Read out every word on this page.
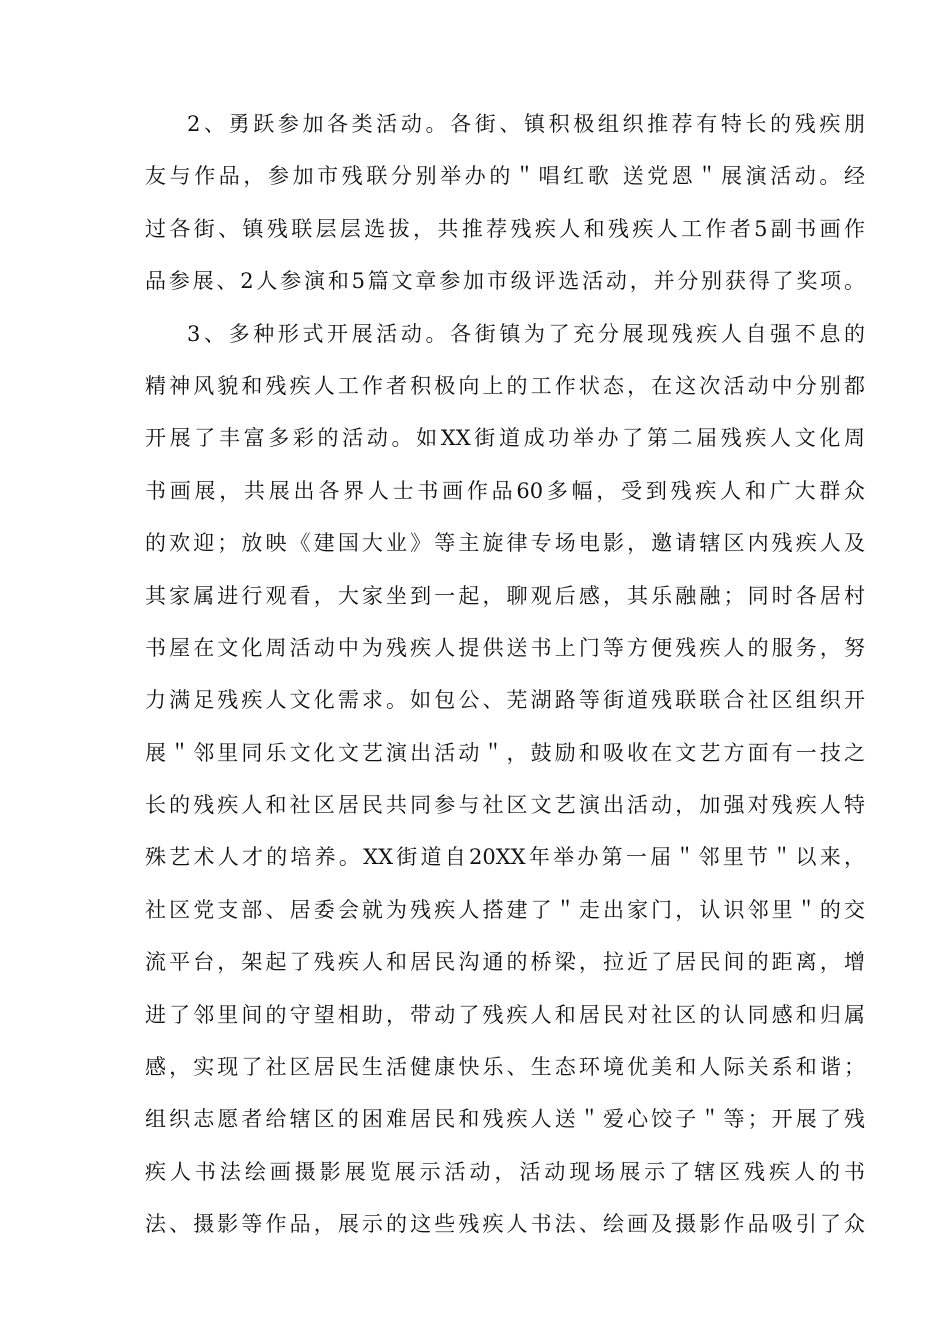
2、勇跃参加各类活动。各街、镇积极组织推荐有特长的残疾朋
友与作品，参加市残联分别举办的＂唱红歌 送党恩＂展演活动。经
过各街、镇残联层层选拔，共推荐残疾人和残疾人工作者5副书画作
品参展、2人参演和5篇文章参加市级评选活动，并分别获得了奖项。
3、多种形式开展活动。各街镇为了充分展现残疾人自强不息的
精神风貌和残疾人工作者积极向上的工作状态，在这次活动中分别都
开展了丰富多彩的活动。如XX街道成功举办了第二届残疾人文化周
书画展，共展出各界人士书画作品60多幅，受到残疾人和广大群众
的欢迎；放映《建国大业》等主旋律专场电影，邀请辖区内残疾人及
其家属进行观看，大家坐到一起，聊观后感，其乐融融；同时各居村
书屋在文化周活动中为残疾人提供送书上门等方便残疾人的服务，努
力满足残疾人文化需求。如包公、芜湖路等街道残联联合社区组织开
展＂邻里同乐文化文艺演出活动＂，鼓励和吸收在文艺方面有一技之
长的残疾人和社区居民共同参与社区文艺演出活动，加强对残疾人特
殊艺术人才的培养。XX街道自20XX年举办第一届＂邻里节＂以来，
社区党支部、居委会就为残疾人搭建了＂走出家门，认识邻里＂的交
流平台，架起了残疾人和居民沟通的桥梁，拉近了居民间的距离，增
进了邻里间的守望相助，带动了残疾人和居民对社区的认同感和归属
感，实现了社区居民生活健康快乐、生态环境优美和人际关系和谐；
组织志愿者给辖区的困难居民和残疾人送＂爱心饺子＂等；开展了残
疾人书法绘画摄影展览展示活动，活动现场展示了辖区残疾人的书
法、摄影等作品，展示的这些残疾人书法、绘画及摄影作品吸引了众
